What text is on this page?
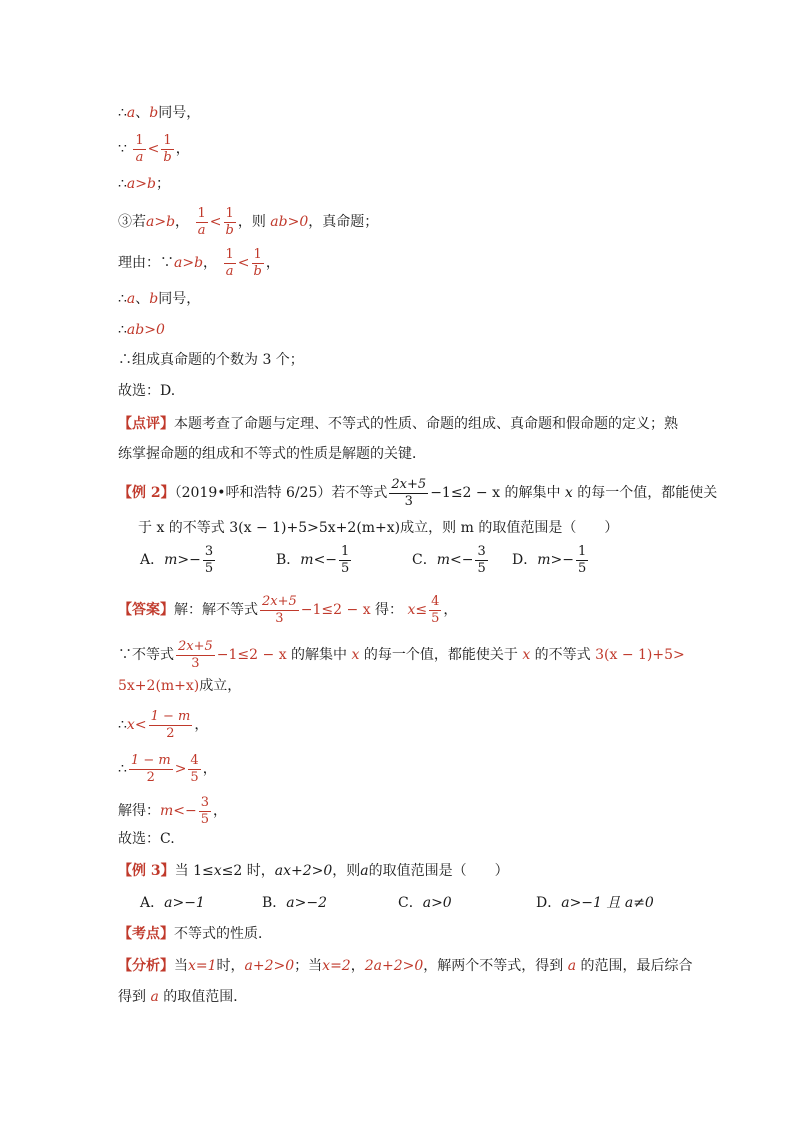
∴a、b同号，
∵ $\frac{1}{a} < \frac{1}{b}$ ，
∴a>b；
③若a>b， $\frac{1}{a} < \frac{1}{b}$ ，则 ab>0，真命题；
理由：∵a>b， $\frac{1}{a} < \frac{1}{b}$ ，
∴a、b同号，
∴ab>0
∴组成真命题的个数为 3 个；
故选：D.
【点评】本题考查了命题与定理、不等式的性质、命题的组成、真命题和假命题的定义；熟
练掌握命题的组成和不等式的性质是解题的关键．
【例 2】（2019•呼和浩特 6/25）若不等式 $\frac{2x+5}{3} -1\le 2 - x$ 的解集中 x 的每一个值，都能使关
于 x 的不等式 3(x − 1)+5>5x+2(m+x)成立，则 m 的取值范围是（　　）
A．$m>- \frac{3}{5}$	B．$m<- \frac{1}{5}$	C．$m<- \frac{3}{5}$ D．$m>- \frac{1}{5}$
【答案】解：解不等式 $\frac{2x+5}{3} -1\le 2 - x$ 得： $x\le \frac{4}{5}$ ，
∵不等式 $\frac{2x+5}{3} -1\le 2 - x$ 的解集中 x 的每一个值，都能使关于 x 的不等式 3(x − 1)+5>
5x+2(m+x)成立，
∴x< $\frac{1 - m}{2}$ ，
∴ $\frac{1 - m}{2} > \frac{4}{5}$ ，
解得：$m<- \frac{3}{5}$ ，
故选：C.
【例 3】当 1≤x≤2 时，ax+2>0，则a的取值范围是（　　）
A．a>−1	B．a>−2	C．a>0	D．a>−1 且 a≠0
【考点】不等式的性质．
【分析】当x=1时，a+2>0；当x=2，2a+2>0，解两个不等式，得到 a 的范围，最后综合
得到 a 的取值范围．
